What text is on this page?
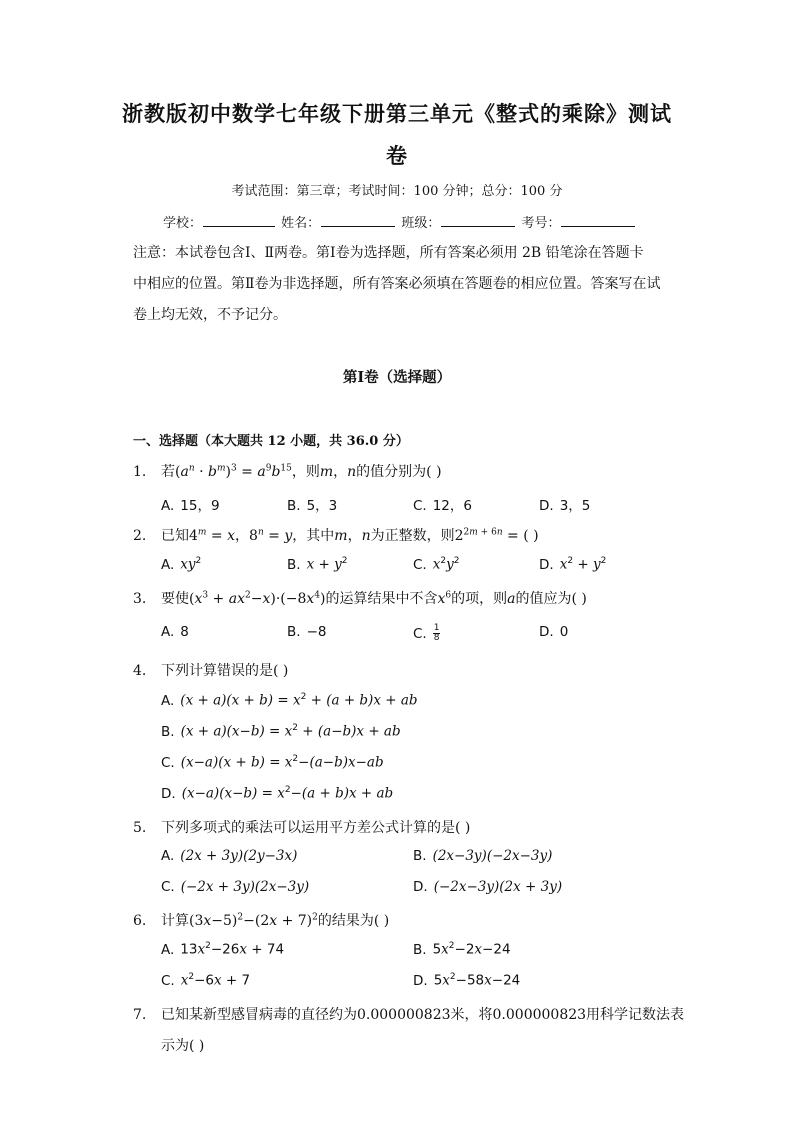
浙教版初中数学七年级下册第三单元《整式的乘除》测试
卷
考试范围：第三章；考试时间：100 分钟；总分：100 分
学校：	姓名：	班级：	考号：
注意：本试卷包含Ⅰ、Ⅱ两卷。第Ⅰ卷为选择题，所有答案必须用 2B 铅笔涂在答题卡
中相应的位置。第Ⅱ卷为非选择题，所有答案必须填在答题卷的相应位置。答案写在试
卷上均无效，不予记分。
第Ⅰ卷（选择题）
一、选择题（本大题共 12 小题，共 36.0 分）
1. 若$(a^n \cdot b^m)^3 = a^9b^{15}$，则m，n的值分别为( )
A. 15，9	B. 5，3	C. 12，6	D. 3，5
2. 已知$4^m = x$，$8^n = y$，其中m，n为正整数，则$2^{2m + 6n}$ = ( )
A. $xy^2$	B. $x + y^2$	C. $x^2y^2$	D. $x^2 + y^2$
3. 要使$(x^3 + ax^2-x)\cdot(-8x^4)$的运算结果中不含$x^6$的项，则a的值应为( )
A. 8	B. −8	C. $\frac{1}{8}$	D. 0
4. 下列计算错误的是( )
A. $(x + a)(x + b) = x^2 + (a + b)x$ + ab
B. $(x + a)(x-b) = x^2 + (a-b)x$ + ab
C. $(x-a)(x + b) = x^2-(a-b)x-ab$
D. $(x-a)(x-b) = x^2-(a + b)x$ + ab
5. 下列多项式的乘法可以运用平方差公式计算的是( )
A. (2x + 3y)(2y−3x)	B. (2x−3y)(−2x−3y)
C. (−2x + 3y)(2x−3y)	D. (−2x−3y)(2x + 3y)
6. 计算$(3x-5)^2-(2x + 7)^2$的结果为( )
A. $13x^2-26x + 74$	B. $5x^2-2x-24$
C. $x^2-6x + 7$	D. $5x^2-58x-24$
7. 已知某新型感冒病毒的直径约为0.000000823米，将0.000000823用科学记数法表
示为( )
